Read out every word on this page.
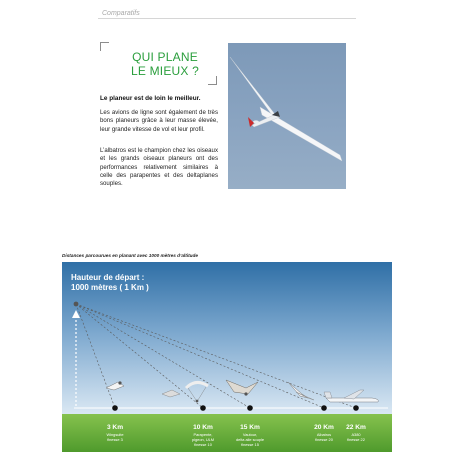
Comparatifs
QUI PLANE
LE MIEUX ?
Le planeur est de loin le meilleur.
Les avions de ligne sont également de très bons planeurs grâce à leur masse élevée, leur grande vitesse de vol et leur profil.
L’albatros est le champion chez les oiseaux et les grands oiseaux planeurs ont des performances relativement similaires à celle des parapentes et des deltaplanes souples.
Distances parcourues en planant avec 1000 mètres d’altitude
Hauteur de départ :
1000 mètres ( 1 Km )
3 Km	10 Km	15 Km	20 Km 22 Km
Wingsuite
finesse 3
Parapente,
pigeon, ULM
finesse 10
Vautour,
delta aile souple
finesse 15
Albatros
finesse 20
A380
finesse 22
